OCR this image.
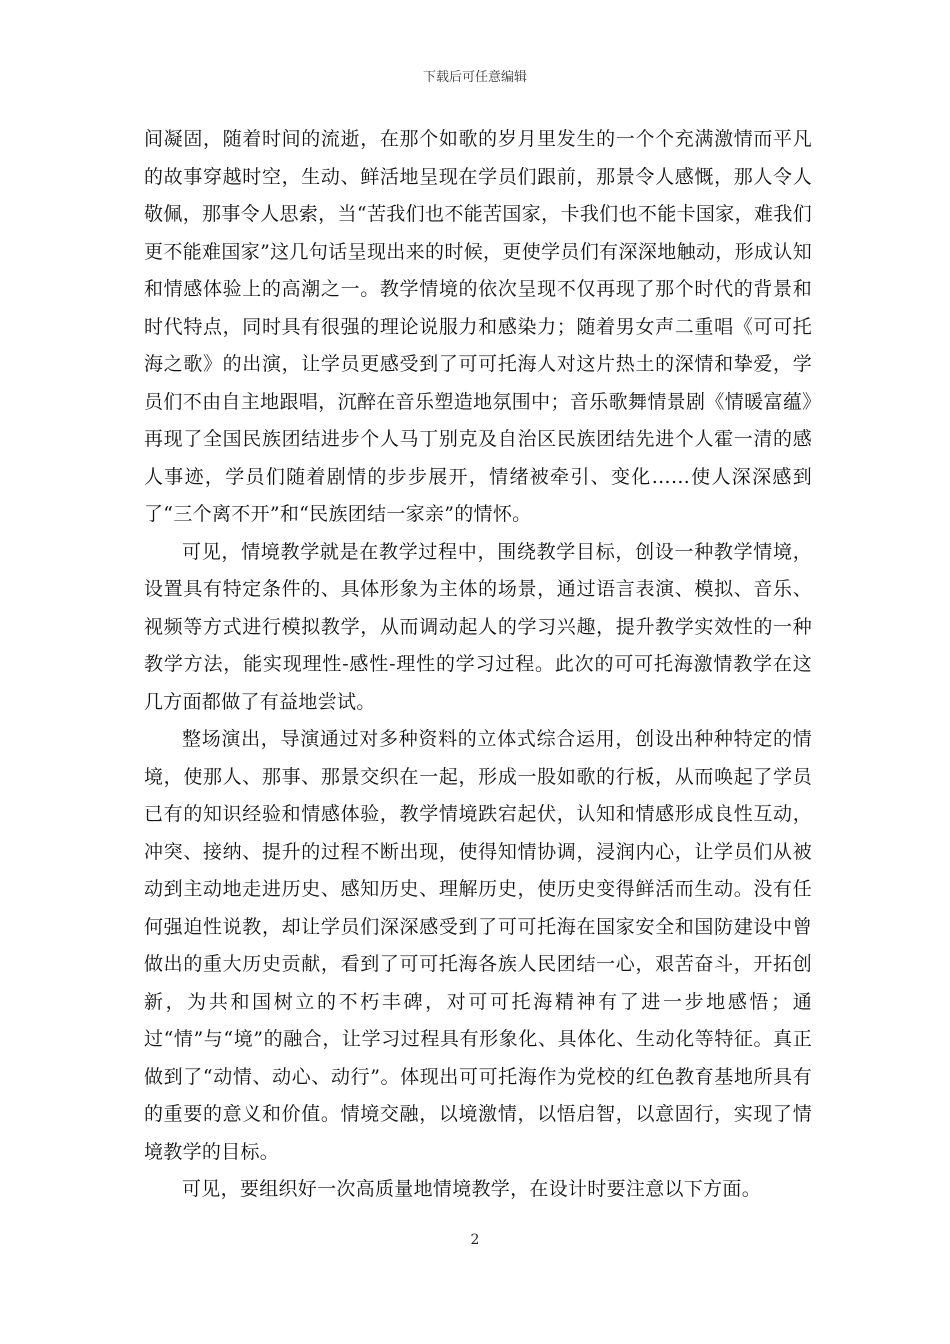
下载后可任意编辑

间凝固，随着时间的流逝，在那个如歌的岁月里发生的一个个充满激情而平凡的故事穿越时空，生动、鲜活地呈现在学员们跟前，那景令人感慨，那人令人敬佩，那事令人思索，当“苦我们也不能苦国家，卡我们也不能卡国家，难我们更不能难国家”这几句话呈现出来的时候，更使学员们有深深地触动，形成认知和情感体验上的高潮之一。教学情境的依次呈现不仅再现了那个时代的背景和时代特点，同时具有很强的理论说服力和感染力；随着男女声二重唱《可可托海之歌》的出演，让学员更感受到了可可托海人对这片热土的深情和挚爱，学员们不由自主地跟唱，沉醉在音乐塑造地氛围中；音乐歌舞情景剧《情暖富蕴》再现了全国民族团结进步个人马丁别克及自治区民族团结先进个人霍一清的感人事迹，学员们随着剧情的步步展开，情绪被牵引、变化……使人深深感到了“三个离不开”和“民族团结一家亲”的情怀。

可见，情境教学就是在教学过程中，围绕教学目标，创设一种教学情境，设置具有特定条件的、具体形象为主体的场景，通过语言表演、模拟、音乐、视频等方式进行模拟教学，从而调动起人的学习兴趣，提升教学实效性的一种教学方法，能实现理性-感性-理性的学习过程。此次的可可托海激情教学在这几方面都做了有益地尝试。

整场演出，导演通过对多种资料的立体式综合运用，创设出种种特定的情境，使那人、那事、那景交织在一起，形成一股如歌的行板，从而唤起了学员已有的知识经验和情感体验，教学情境跌宕起伏，认知和情感形成良性互动，冲突、接纳、提升的过程不断出现，使得知情协调，浸润内心，让学员们从被动到主动地走进历史、感知历史、理解历史，使历史变得鲜活而生动。没有任何强迫性说教，却让学员们深深感受到了可可托海在国家安全和国防建设中曾做出的重大历史贡献，看到了可可托海各族人民团结一心，艰苦奋斗，开拓创新，为共和国树立的不朽丰碑，对可可托海精神有了进一步地感悟；通过“情”与“境”的融合，让学习过程具有形象化、具体化、生动化等特征。真正做到了“动情、动心、动行”。体现出可可托海作为党校的红色教育基地所具有的重要的意义和价值。情境交融，以境激情，以悟启智，以意固行，实现了情境教学的目标。

可见，要组织好一次高质量地情境教学，在设计时要注意以下方面。

2
